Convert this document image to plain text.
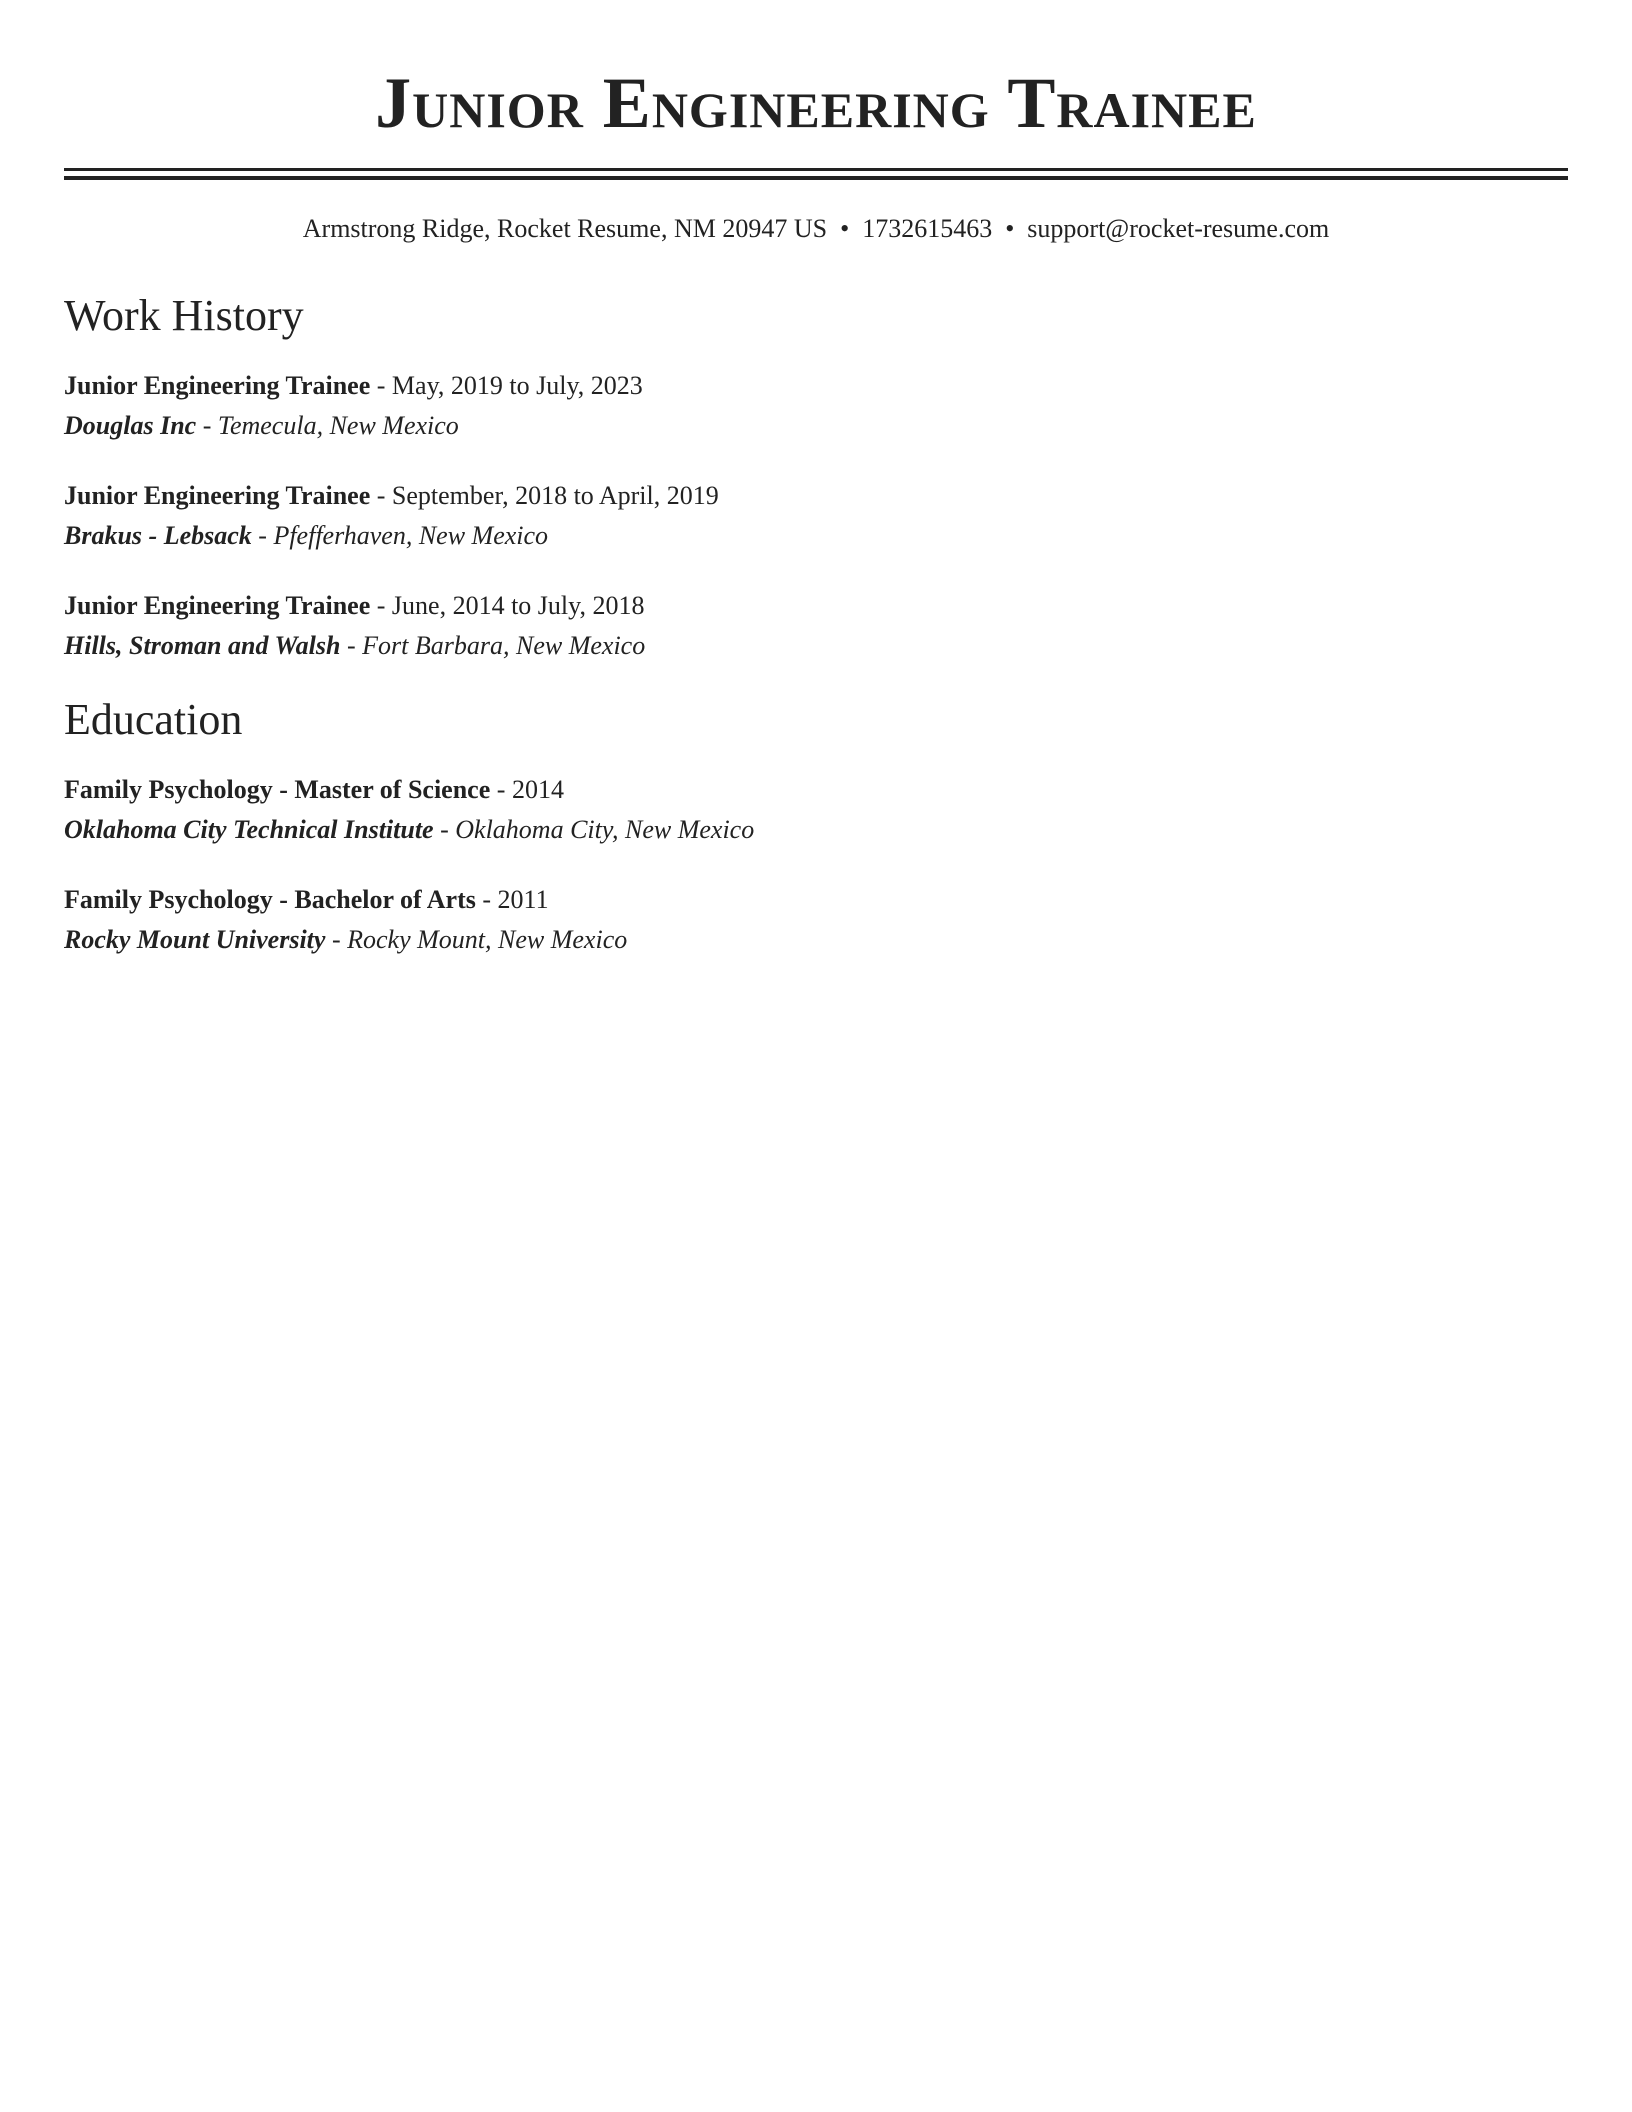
Junior Engineering Trainee
Armstrong Ridge, Rocket Resume, NM 20947 US • 1732615463 • support@rocket-resume.com
Work History
Junior Engineering Trainee - May, 2019 to July, 2023
Douglas Inc - Temecula, New Mexico
Junior Engineering Trainee - September, 2018 to April, 2019
Brakus - Lebsack - Pfefferhaven, New Mexico
Junior Engineering Trainee - June, 2014 to July, 2018
Hills, Stroman and Walsh - Fort Barbara, New Mexico
Education
Family Psychology - Master of Science - 2014
Oklahoma City Technical Institute - Oklahoma City, New Mexico
Family Psychology - Bachelor of Arts - 2011
Rocky Mount University - Rocky Mount, New Mexico
